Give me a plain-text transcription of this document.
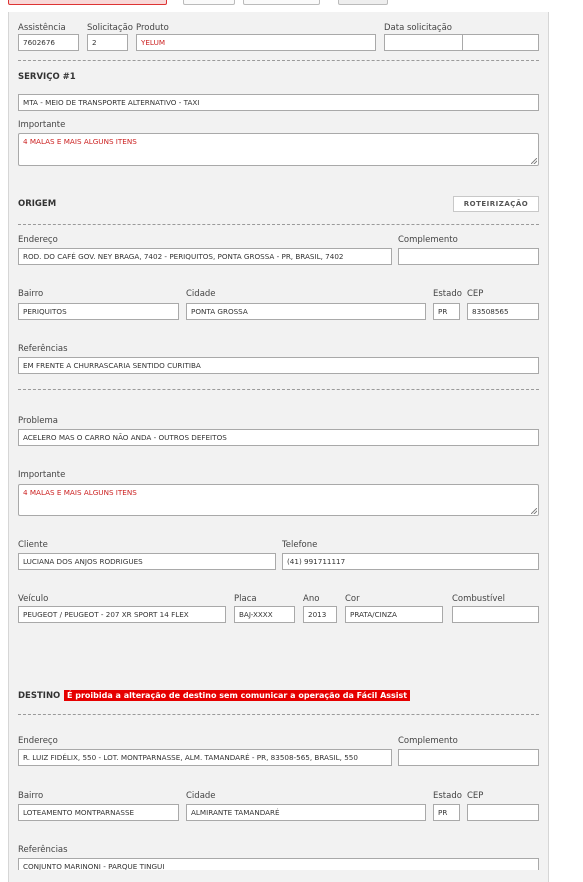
Assistência
7602676
Solicitação
2
Produto
YELUM
Data solicitação
SERVIÇO #1
MTA - MEIO DE TRANSPORTE ALTERNATIVO - TAXI
Importante
4 MALAS E MAIS ALGUNS ITENS
ORIGEM	ROTEIRIZAÇÃO
Endereço
ROD. DO CAFÉ GOV. NEY BRAGA, 7402 - PERIQUITOS, PONTA GROSSA - PR, BRASIL, 7402
Complemento
Bairro
PERIQUITOS
Cidade
PONTA GROSSA
Estado
PR
CEP
83508565
Referências
EM FRENTE A CHURRASCARIA SENTIDO CURITIBA
Problema
ACELERO MAS O CARRO NÃO ANDA - OUTROS DEFEITOS
Importante
4 MALAS E MAIS ALGUNS ITENS
Cliente
LUCIANA DOS ANJOS RODRIGUES
Telefone
(41) 991711117
Veículo
PEUGEOT / PEUGEOT - 207 XR SPORT 14 FLEX
Placa
BAJ-XXXX
Ano
2013
Cor
PRATA/CINZA
Combustível
DESTINO É proibida a alteração de destino sem comunicar a operação da Fácil Assist
Endereço
R. LUIZ FIDÉLIX, 550 - LOT. MONTPARNASSE, ALM. TAMANDARÉ - PR, 83508-565, BRASIL, 550
Complemento
Bairro
LOTEAMENTO MONTPARNASSE
Cidade
ALMIRANTE TAMANDARÉ
Estado
PR
CEP
Referências
CONJUNTO MARINONI - PARQUE TINGUI
